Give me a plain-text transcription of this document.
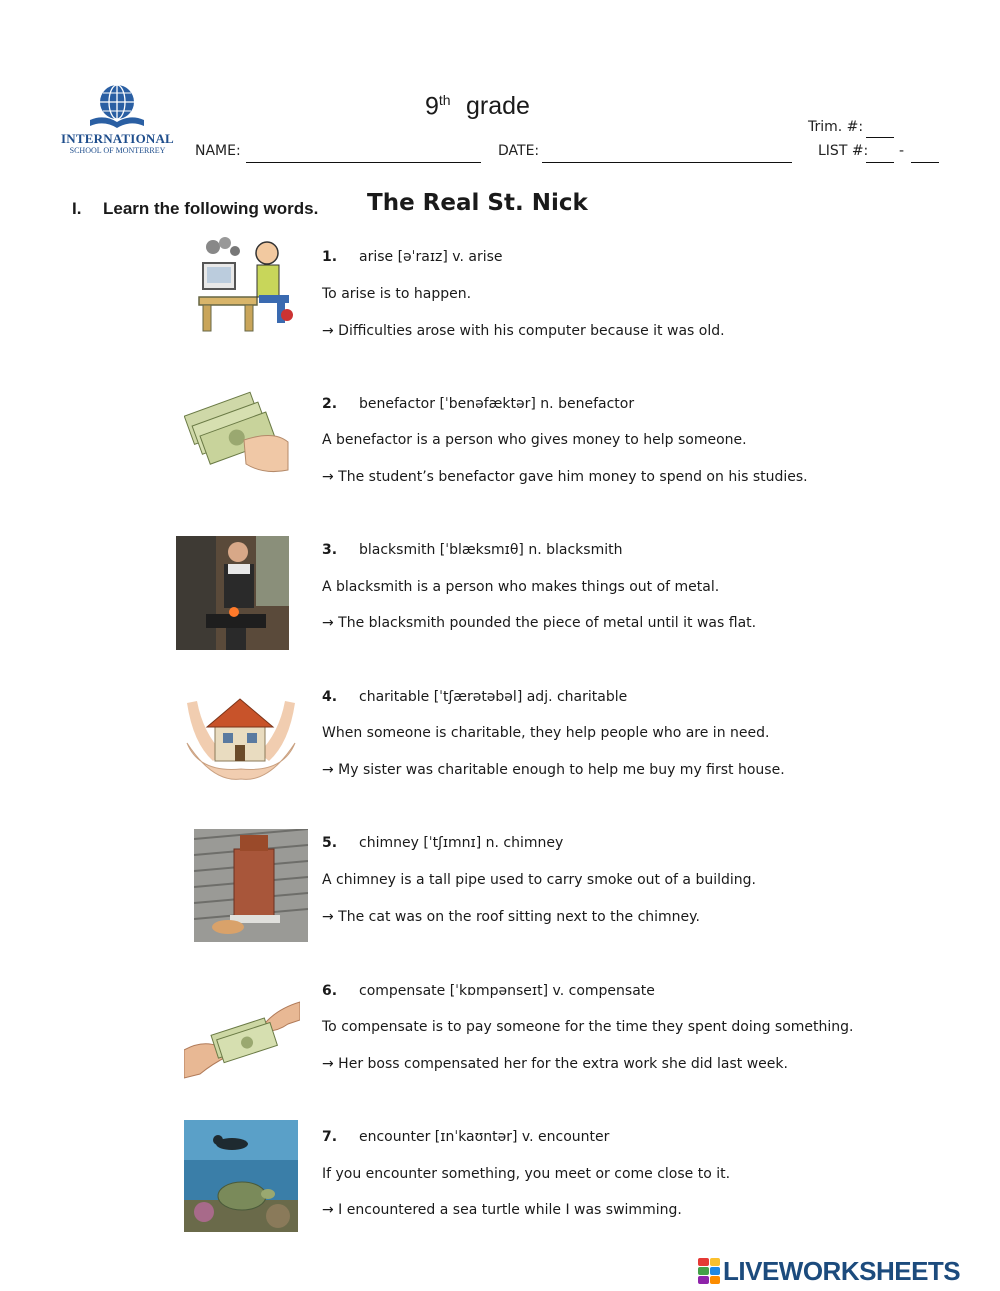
INTERNATIONAL
SCHOOL OF MONTERREY
9th grade
NAME:	DATE:
Trim. #:
LIST #: -
I. Learn the following words. The Real St. Nick
1. arise [əˈraɪz] v. arise
To arise is to happen.
→ Difficulties arose with his computer because it was old.
2. benefactor [ˈbenəfæktər] n. benefactor
A benefactor is a person who gives money to help someone.
→ The student’s benefactor gave him money to spend on his studies.
3. blacksmith [ˈblæksmɪθ] n. blacksmith
A blacksmith is a person who makes things out of metal.
→ The blacksmith pounded the piece of metal until it was flat.
4. charitable [ˈtʃærətəbəl] adj. charitable
When someone is charitable, they help people who are in need.
→ My sister was charitable enough to help me buy my first house.
5. chimney [ˈtʃɪmnɪ] n. chimney
A chimney is a tall pipe used to carry smoke out of a building.
→ The cat was on the roof sitting next to the chimney.
6. compensate [ˈkɒmpənseɪt] v. compensate
To compensate is to pay someone for the time they spent doing something.
→ Her boss compensated her for the extra work she did last week.
7. encounter [ɪnˈkaʊntər] v. encounter
If you encounter something, you meet or come close to it.
→ I encountered a sea turtle while I was swimming.
LIVEWORKSHEETS
